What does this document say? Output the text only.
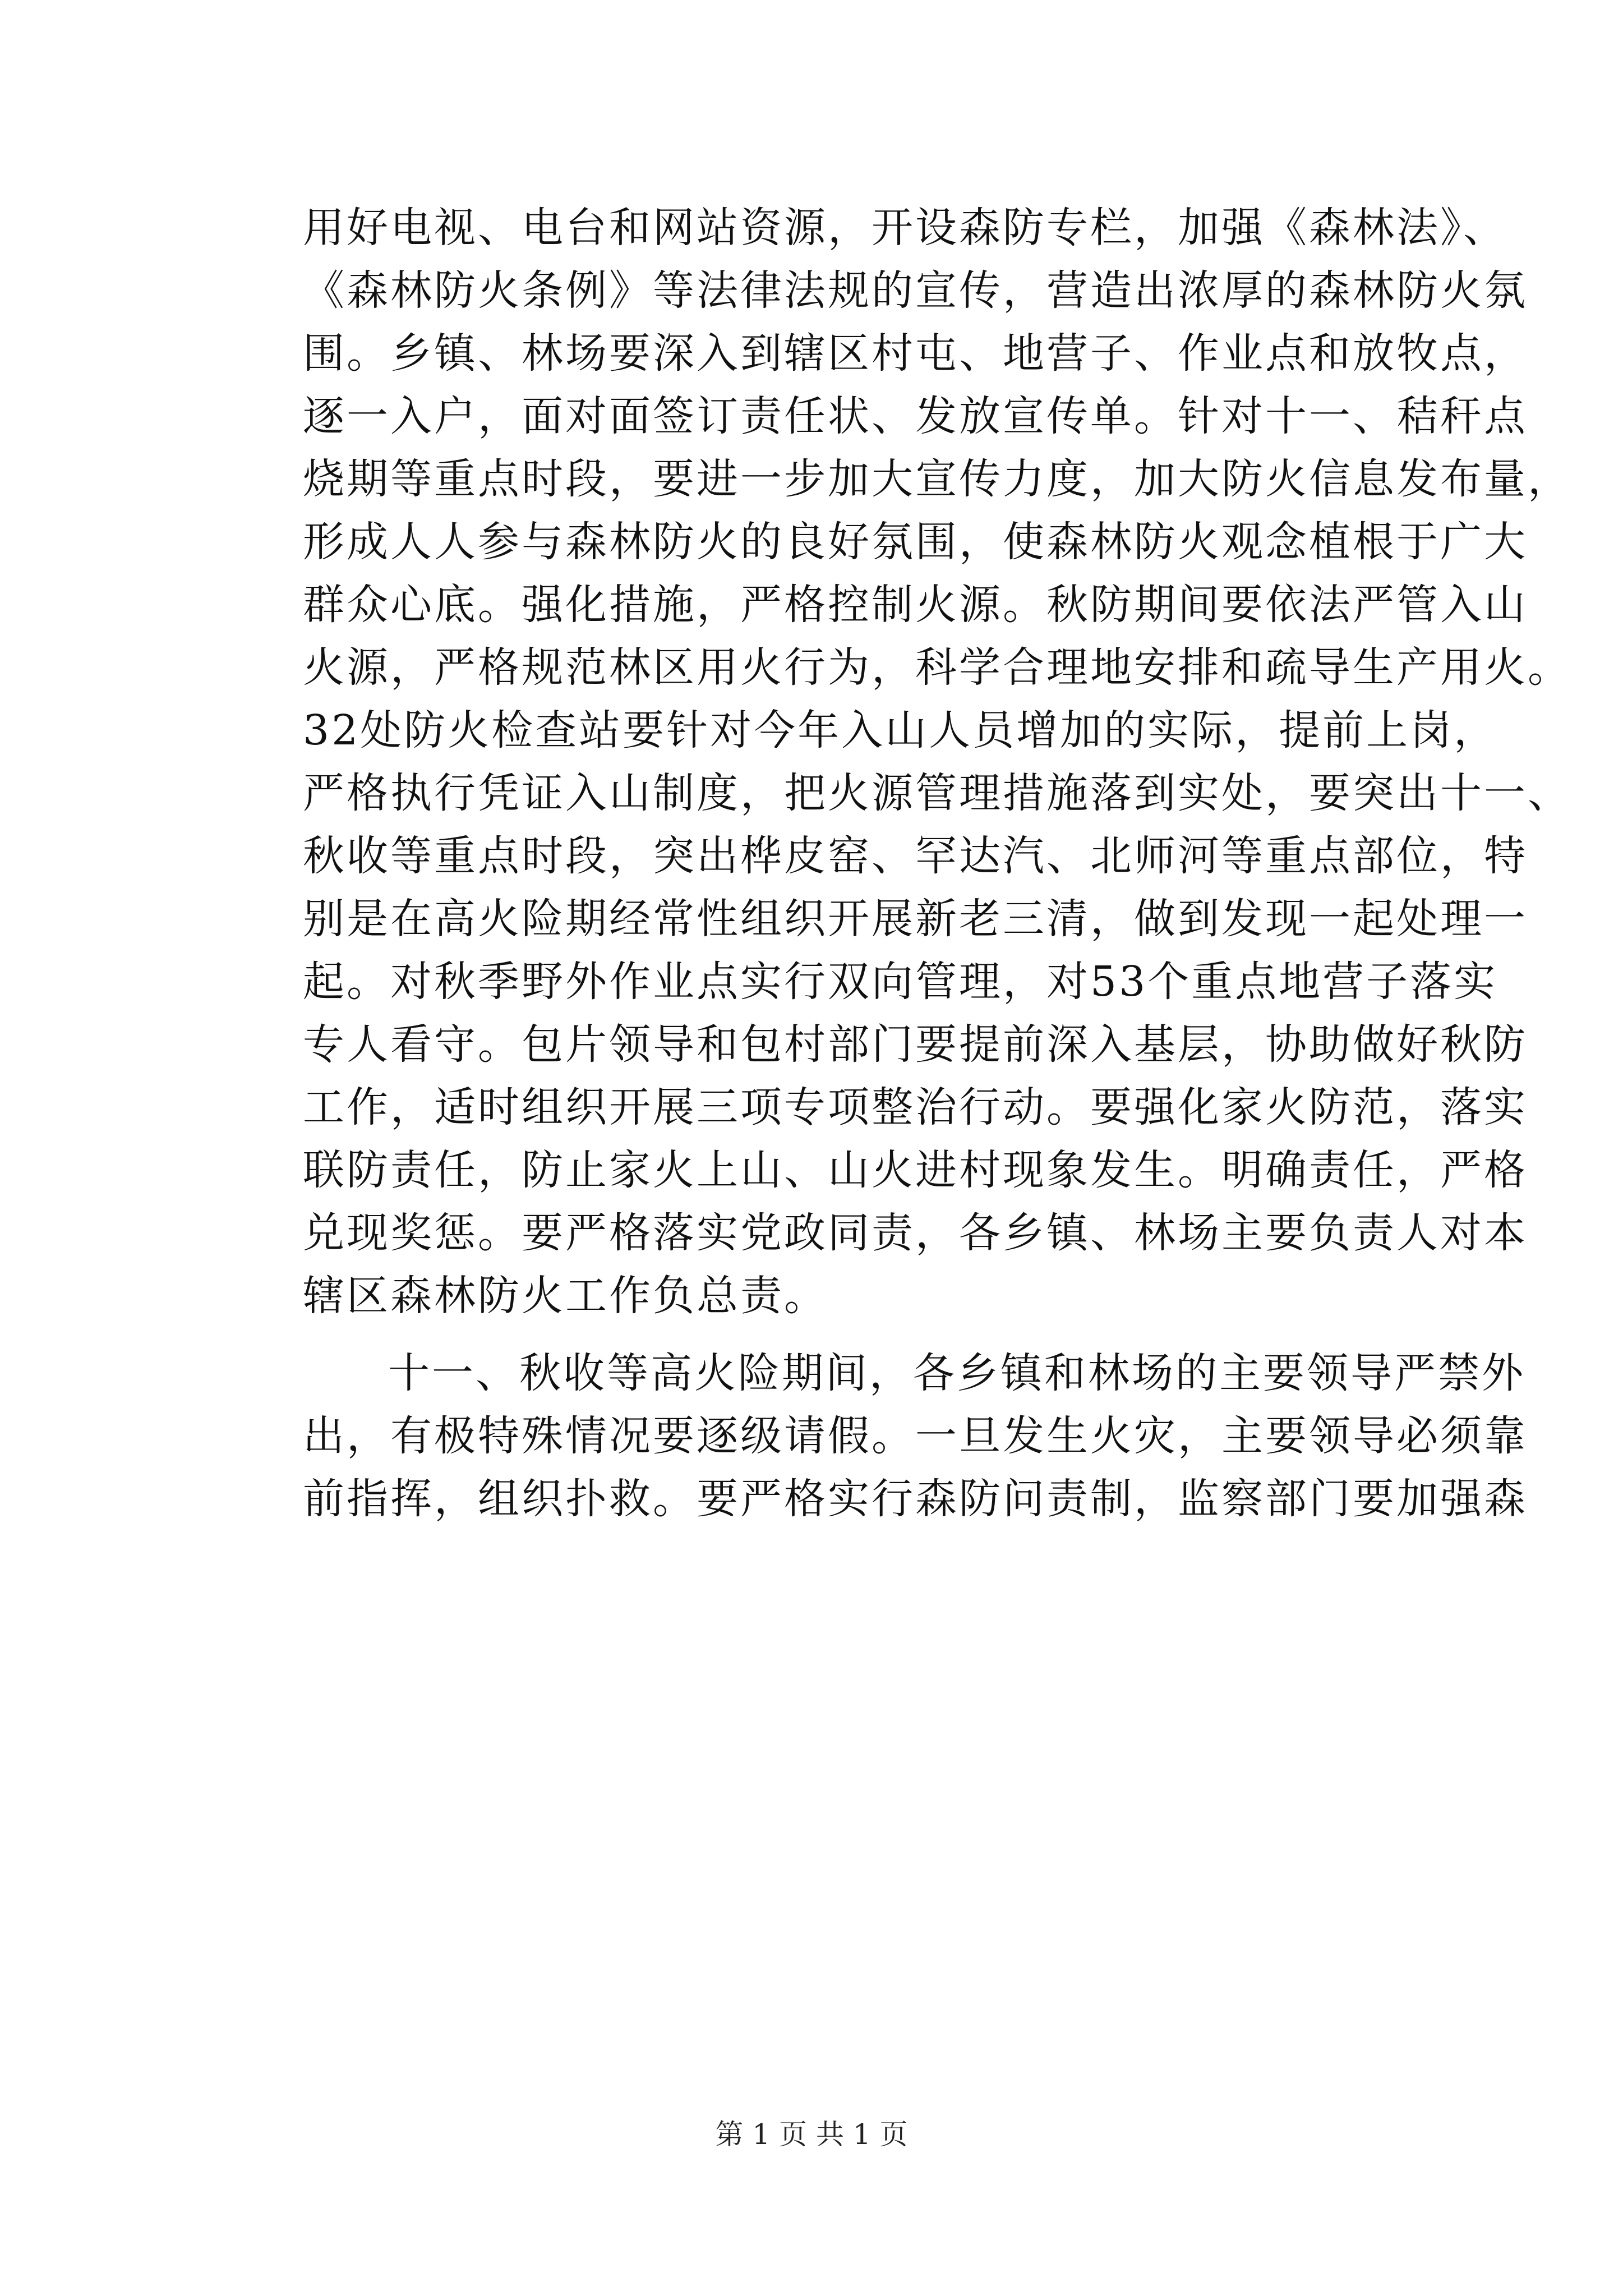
用好电视、电台和网站资源，开设森防专栏，加强《森林法》、
《森林防火条例》等法律法规的宣传，营造出浓厚的森林防火氛
围。乡镇、林场要深入到辖区村屯、地营子、作业点和放牧点，
逐一入户，面对面签订责任状、发放宣传单。针对十一、秸秆点
烧期等重点时段，要进一步加大宣传力度，加大防火信息发布量，
形成人人参与森林防火的良好氛围，使森林防火观念植根于广大
群众心底。强化措施，严格控制火源。秋防期间要依法严管入山
火源，严格规范林区用火行为，科学合理地安排和疏导生产用火。
32处防火检查站要针对今年入山人员增加的实际，提前上岗，
严格执行凭证入山制度，把火源管理措施落到实处，要突出十一、
秋收等重点时段，突出桦皮窑、罕达汽、北师河等重点部位，特
别是在高火险期经常性组织开展新老三清，做到发现一起处理一
起。对秋季野外作业点实行双向管理，对53个重点地营子落实
专人看守。包片领导和包村部门要提前深入基层，协助做好秋防
工作，适时组织开展三项专项整治行动。要强化家火防范，落实
联防责任，防止家火上山、山火进村现象发生。明确责任，严格
兑现奖惩。要严格落实党政同责，各乡镇、林场主要负责人对本
辖区森林防火工作负总责。
十一、秋收等高火险期间，各乡镇和林场的主要领导严禁外
出，有极特殊情况要逐级请假。一旦发生火灾，主要领导必须靠
前指挥，组织扑救。要严格实行森防问责制，监察部门要加强森
第 1 页 共 1 页
